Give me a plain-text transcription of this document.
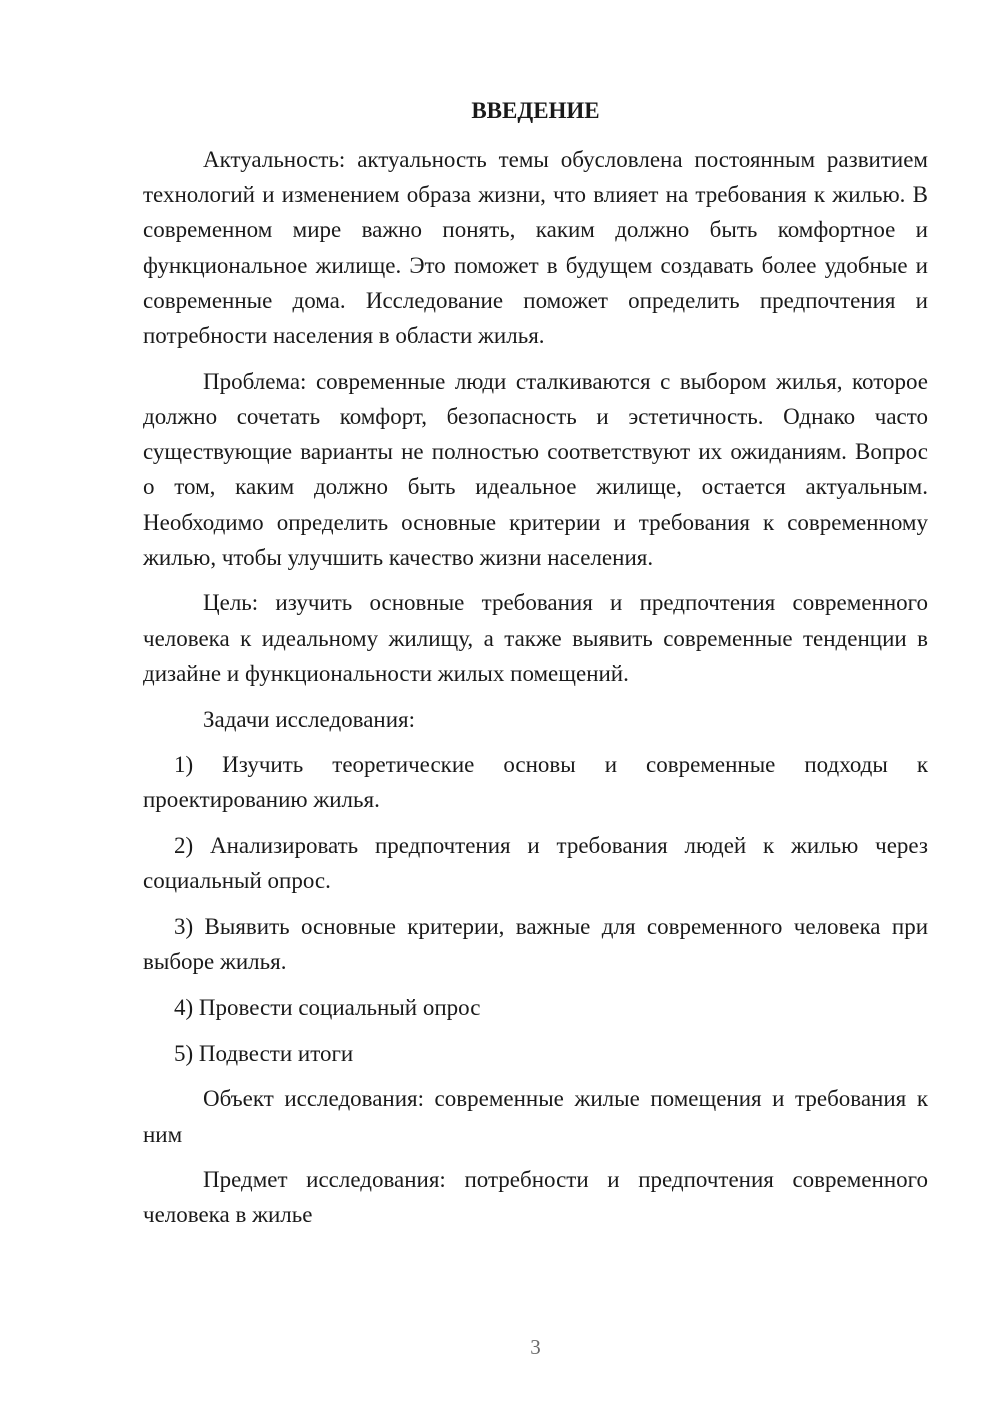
ВВЕДЕНИЕ

Актуальность: актуальность темы обусловлена постоянным развитием технологий и изменением образа жизни, что влияет на требования к жилью. В современном мире важно понять, каким должно быть комфортное и функциональное жилище. Это поможет в будущем создавать более удобные и современные дома. Исследование поможет определить предпочтения и потребности населения в области жилья.

Проблема: современные люди сталкиваются с выбором жилья, которое должно сочетать комфорт, безопасность и эстетичность. Однако часто существующие варианты не полностью соответствуют их ожиданиям. Вопрос о том, каким должно быть идеальное жилище, остается актуальным. Необходимо определить основные критерии и требования к современному жилью, чтобы улучшить качество жизни населения.

Цель: изучить основные требования и предпочтения современного человека к идеальному жилищу, а также выявить современные тенденции в дизайне и функциональности жилых помещений.

Задачи исследования:

1) Изучить теоретические основы и современные подходы к проектированию жилья.

2) Анализировать предпочтения и требования людей к жилью через социальный опрос.

3) Выявить основные критерии, важные для современного человека при выборе жилья.

4) Провести социальный опрос

5) Подвести итоги

Объект исследования: современные жилые помещения и требования к ним

Предмет исследования: потребности и предпочтения современного человека в жилье

3
